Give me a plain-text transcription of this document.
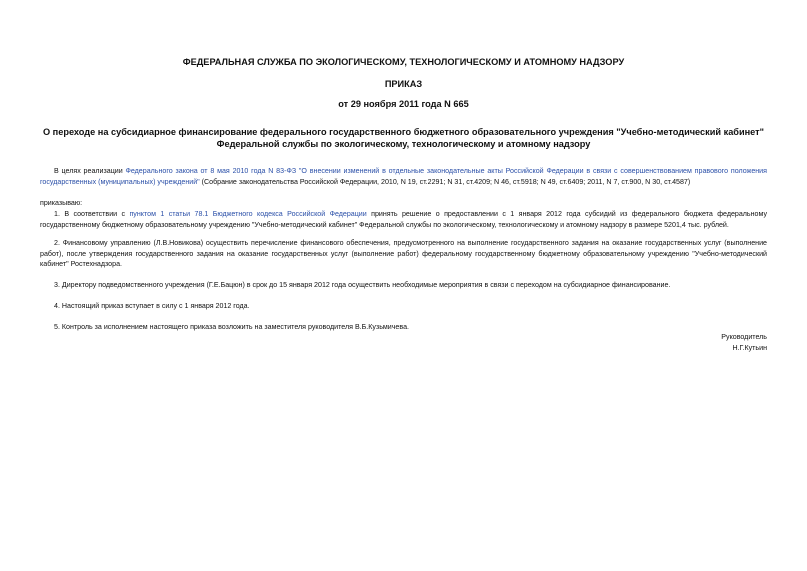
ФЕДЕРАЛЬНАЯ СЛУЖБА ПО ЭКОЛОГИЧЕСКОМУ, ТЕХНОЛОГИЧЕСКОМУ И АТОМНОМУ НАДЗОРУ
ПРИКАЗ
от 29 ноября 2011 года N 665
О переходе на субсидиарное финансирование федерального государственного бюджетного образовательного учреждения "Учебно-методический кабинет"
Федеральной службы по экологическому, технологическому и атомному надзору
В целях реализации Федерального закона от 8 мая 2010 года N 83-ФЗ "О внесении изменений в отдельные законодательные акты Российской Федерации в связи с совершенствованием правового положения государственных (муниципальных) учреждений" (Собрание законодательства Российской Федерации, 2010, N 19, ст.2291; N 31, ст.4209; N 46, ст.5918; N 49, ст.6409; 2011, N 7, ст.900, N 30, ст.4587)
приказываю:
1. В соответствии с пунктом 1 статьи 78.1 Бюджетного кодекса Российской Федерации принять решение о предоставлении с 1 января 2012 года субсидий из федерального бюджета федеральному государственному бюджетному образовательному учреждению "Учебно-методический кабинет" Федеральной службы по экологическому, технологическому и атомному надзору в размере 5201,4 тыс. рублей.
2. Финансовому управлению (Л.В.Новикова) осуществить перечисление финансового обеспечения, предусмотренного на выполнение государственного задания на оказание государственных услуг (выполнение работ), после утверждения государственного задания на оказание государственных услуг (выполнение работ) федеральному государственному бюджетному образовательному учреждению "Учебно-методический кабинет" Ростехнадзора.
3. Директору подведомственного учреждения (Г.Е.Бацюн) в срок до 15 января 2012 года осуществить необходимые мероприятия в связи с переходом на субсидиарное финансирование.
4. Настоящий приказ вступает в силу с 1 января 2012 года.
5. Контроль за исполнением настоящего приказа возложить на заместителя руководителя В.Б.Кузьмичева.
Руководитель
Н.Г.Кутьин
